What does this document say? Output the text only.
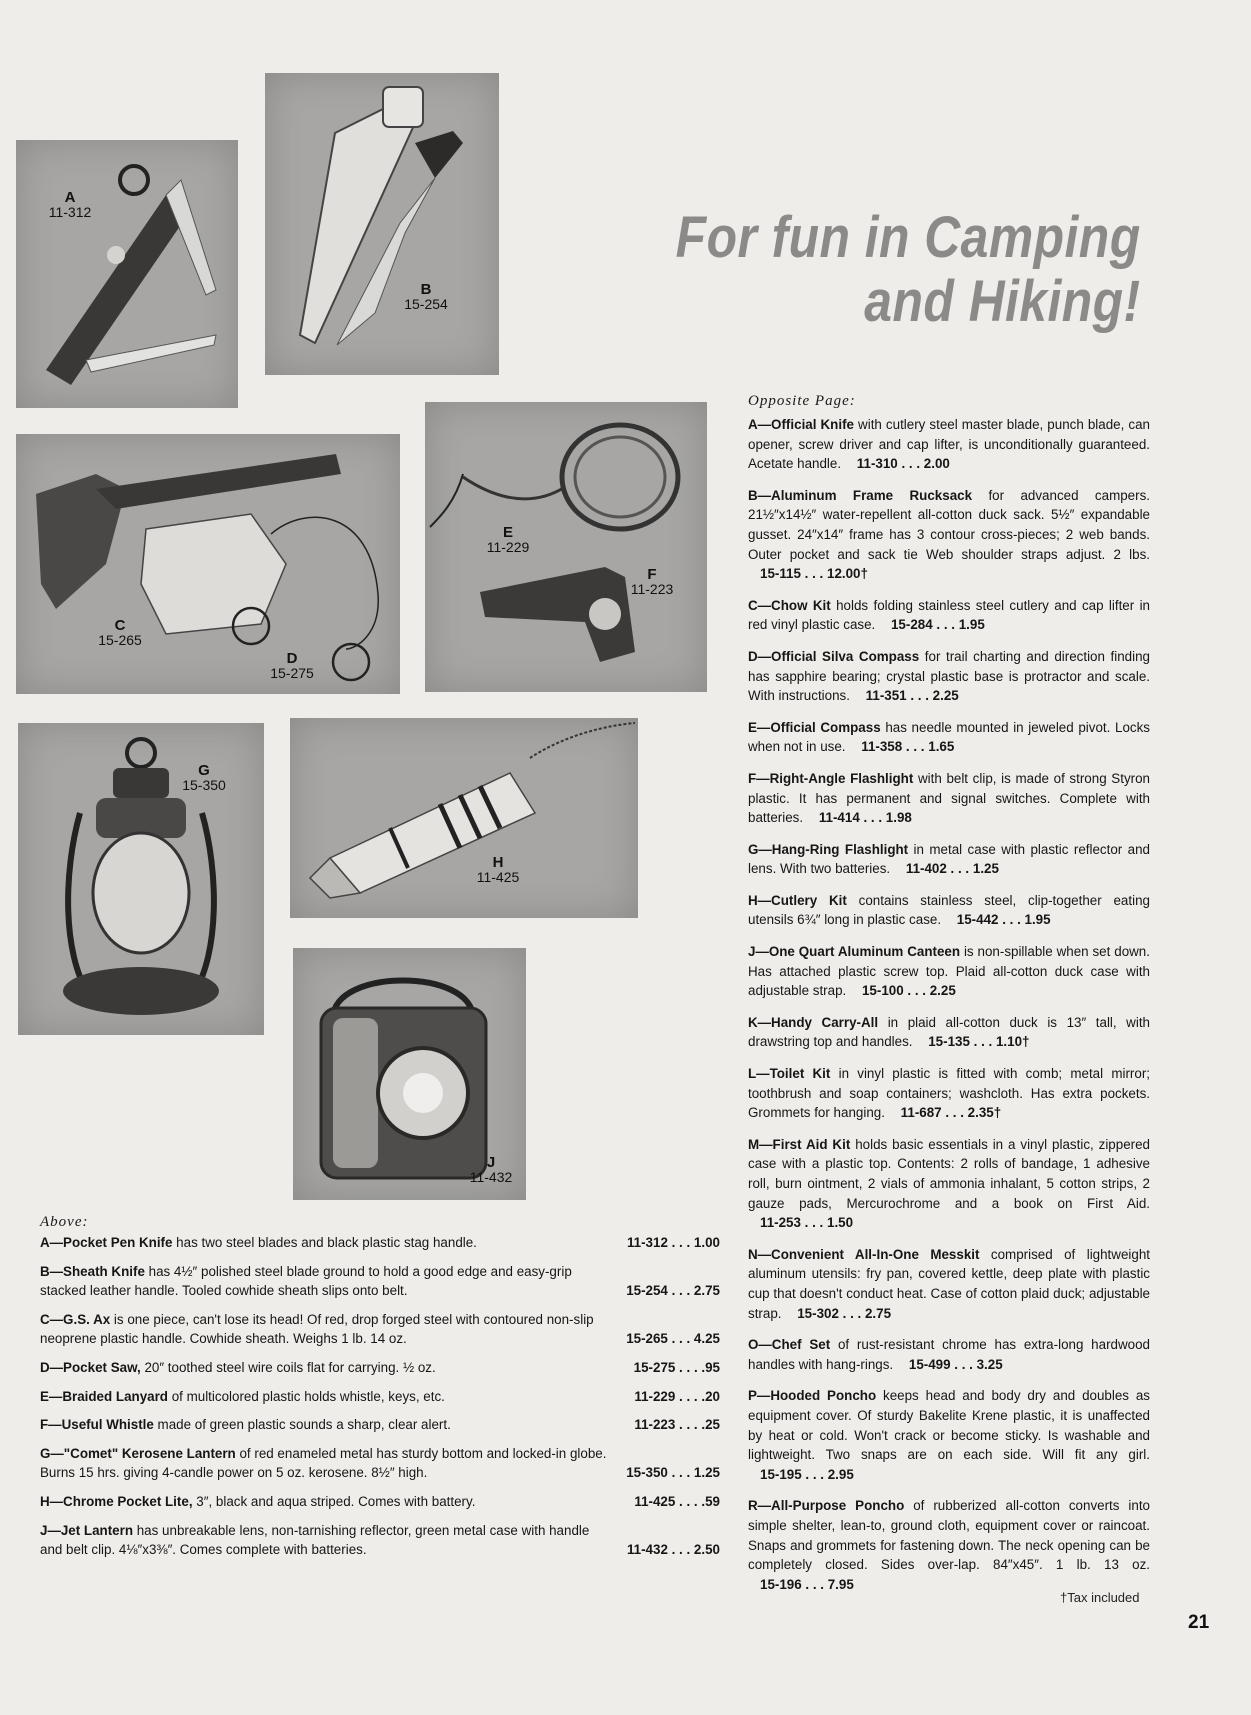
For fun in Camping
and Hiking!
A
11-312
B
15-254
C
15-265
D
15-275
E
11-229
F
11-223
G
15-350
H
11-425
J
11-432
Opposite Page:
A—Official Knife with cutlery steel master blade, punch blade, can opener, screw driver and cap lifter, is unconditionally guaranteed. Acetate handle. 11-310 . . . 2.00
B—Aluminum Frame Rucksack for advanced campers. 21½″x14½″ water-repellent all-cotton duck sack. 5½″ expandable gusset. 24″x14″ frame has 3 contour cross-pieces; 2 web bands. Outer pocket and sack tie Web shoulder straps adjust. 2 lbs. 15-115 . . . 12.00†
C—Chow Kit holds folding stainless steel cutlery and cap lifter in red vinyl plastic case. 15-284 . . . 1.95
D—Official Silva Compass for trail charting and direction finding has sapphire bearing; crystal plastic base is protractor and scale. With instructions. 11-351 . . . 2.25
E—Official Compass has needle mounted in jeweled pivot. Locks when not in use. 11-358 . . . 1.65
F—Right-Angle Flashlight with belt clip, is made of strong Styron plastic. It has permanent and signal switches. Complete with batteries. 11-414 . . . 1.98
G—Hang-Ring Flashlight in metal case with plastic reflector and lens. With two batteries. 11-402 . . . 1.25
H—Cutlery Kit contains stainless steel, clip-together eating utensils 6¾″ long in plastic case. 15-442 . . . 1.95
J—One Quart Aluminum Canteen is non-spillable when set down. Has attached plastic screw top. Plaid all-cotton duck case with adjustable strap. 15-100 . . . 2.25
K—Handy Carry-All in plaid all-cotton duck is 13″ tall, with drawstring top and handles. 15-135 . . . 1.10†
L—Toilet Kit in vinyl plastic is fitted with comb; metal mirror; toothbrush and soap containers; washcloth. Has extra pockets. Grommets for hanging. 11-687 . . . 2.35†
M—First Aid Kit holds basic essentials in a vinyl plastic, zippered case with a plastic top. Contents: 2 rolls of bandage, 1 adhesive roll, burn ointment, 2 vials of ammonia inhalant, 5 cotton strips, 2 gauze pads, Mercurochrome and a book on First Aid. 11-253 . . . 1.50
N—Convenient All-In-One Messkit comprised of lightweight aluminum utensils: fry pan, covered kettle, deep plate with plastic cup that doesn't conduct heat. Case of cotton plaid duck; adjustable strap. 15-302 . . . 2.75
O—Chef Set of rust-resistant chrome has extra-long hardwood handles with hang-rings. 15-499 . . . 3.25
P—Hooded Poncho keeps head and body dry and doubles as equipment cover. Of sturdy Bakelite Krene plastic, it is unaffected by heat or cold. Won't crack or become sticky. Is washable and lightweight. Two snaps are on each side. Will fit any girl. 15-195 . . . 2.95
R—All-Purpose Poncho of rubberized all-cotton converts into simple shelter, lean-to, ground cloth, equipment cover or raincoat. Snaps and grommets for fastening down. The neck opening can be completely closed. Sides over-lap. 84″x45″. 1 lb. 13 oz. 15-196 . . . 7.95
Above:
A—Pocket Pen Knife has two steel blades and black plastic stag handle.	11-312 . . . 1.00
B—Sheath Knife has 4½″ polished steel blade ground to hold a good edge and easy-grip stacked leather handle. Tooled cowhide sheath slips onto belt.	15-254 . . . 2.75
C—G.S. Ax is one piece, can't lose its head! Of red, drop forged steel with contoured non-slip neoprene plastic handle. Cowhide sheath. Weighs 1 lb. 14 oz.	15-265 . . . 4.25
D—Pocket Saw, 20″ toothed steel wire coils flat for carrying. ½ oz.	15-275 . . . .95
E—Braided Lanyard of multicolored plastic holds whistle, keys, etc.	11-229 . . . .20
F—Useful Whistle made of green plastic sounds a sharp, clear alert.	11-223 . . . .25
G—"Comet" Kerosene Lantern of red enameled metal has sturdy bottom and locked-in globe. Burns 15 hrs. giving 4-candle power on 5 oz. kerosene. 8½″ high.	15-350 . . . 1.25
H—Chrome Pocket Lite, 3″, black and aqua striped. Comes with battery.	11-425 . . . .59
J—Jet Lantern has unbreakable lens, non-tarnishing reflector, green metal case with handle and belt clip. 4⅛″x3⅜″. Comes complete with batteries.	11-432 . . . 2.50
†Tax included
21
